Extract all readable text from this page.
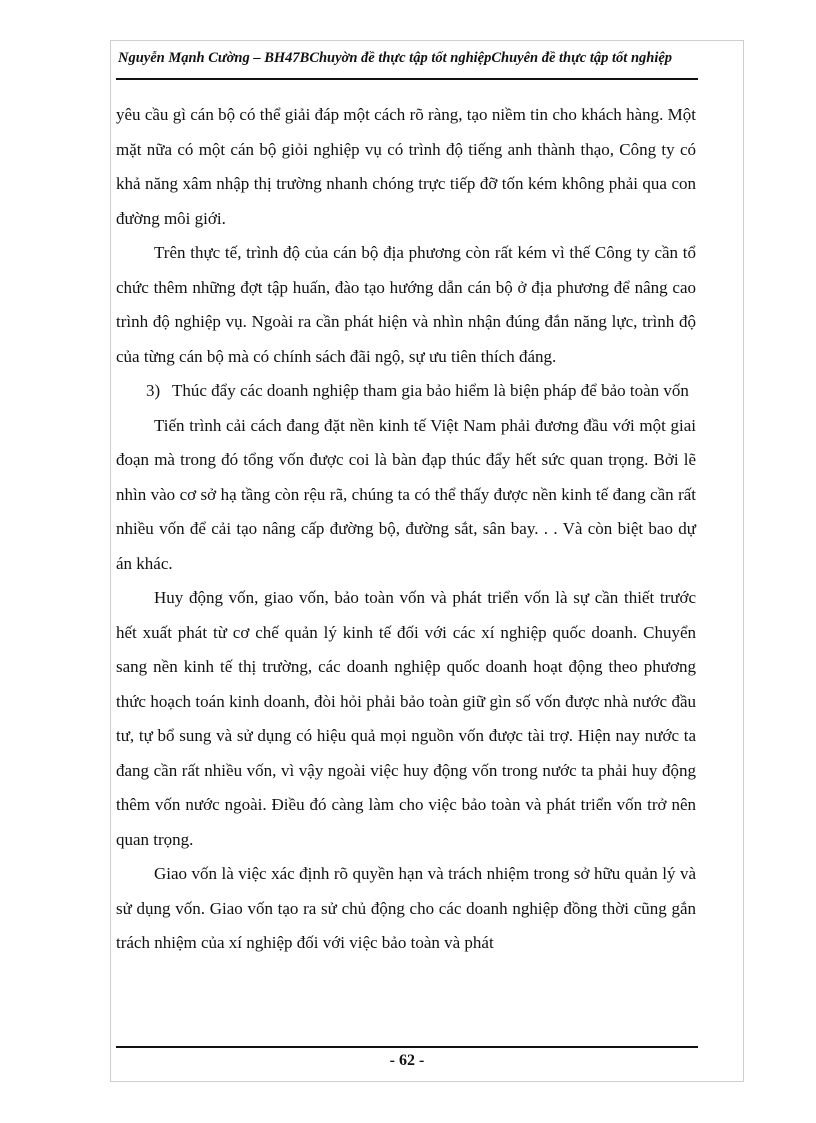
Nguyễn Mạnh Cường – BH47BChuyờn đề thực tập tốt nghiệpChuyên đề thực tập tốt nghiệp

yêu cầu gì cán bộ có thể giải đáp một cách rõ ràng, tạo niềm tin cho khách hàng. Một mặt nữa có một cán bộ giỏi nghiệp vụ có trình độ tiếng anh thành thạo, Công ty có khả năng xâm nhập thị trường nhanh chóng trực tiếp đỡ tốn kém không phải qua con đường môi giới.

Trên thực tế, trình độ của cán bộ địa phương còn rất kém vì thế Công ty cần tổ chức thêm những đợt tập huấn, đào tạo hướng dẫn cán bộ ở địa phương để nâng cao trình độ nghiệp vụ. Ngoài ra cần phát hiện và nhìn nhận đúng đắn năng lực, trình độ của từng cán bộ mà có chính sách đãi ngộ, sự ưu tiên thích đáng.

3) Thúc đẩy các doanh nghiệp tham gia bảo hiểm là biện pháp để bảo toàn vốn

Tiến trình cải cách đang đặt nền kinh tế Việt Nam phải đương đầu với một giai đoạn mà trong đó tổng vốn được coi là bàn đạp thúc đẩy hết sức quan trọng. Bởi lẽ nhìn vào cơ sở hạ tầng còn rệu rã, chúng ta có thể thấy được nền kinh tế đang cần rất nhiều vốn để cải tạo nâng cấp đường bộ, đường sắt, sân bay. . . Và còn biệt bao dự án khác.

Huy động vốn, giao vốn, bảo toàn vốn và phát triển vốn là sự cần thiết trước hết xuất phát từ cơ chế quản lý kinh tế đối với các xí nghiệp quốc doanh. Chuyển sang nền kinh tế thị trường, các doanh nghiệp quốc doanh hoạt động theo phương thức hoạch toán kinh doanh, đòi hỏi phải bảo toàn giữ gìn số vốn được nhà nước đầu tư, tự bổ sung và sử dụng có hiệu quả mọi nguồn vốn được tài trợ. Hiện nay nước ta đang cần rất nhiều vốn, vì vậy ngoài việc huy động vốn trong nước ta phải huy động thêm vốn nước ngoài. Điều đó càng làm cho việc bảo toàn và phát triển vốn trở nên quan trọng.

Giao vốn là việc xác định rõ quyền hạn và trách nhiệm trong sở hữu quản lý và sử dụng vốn. Giao vốn tạo ra sử chủ động cho các doanh nghiệp đồng thời cũng gắn trách nhiệm của xí nghiệp đối với việc bảo toàn và phát

- 62 -
